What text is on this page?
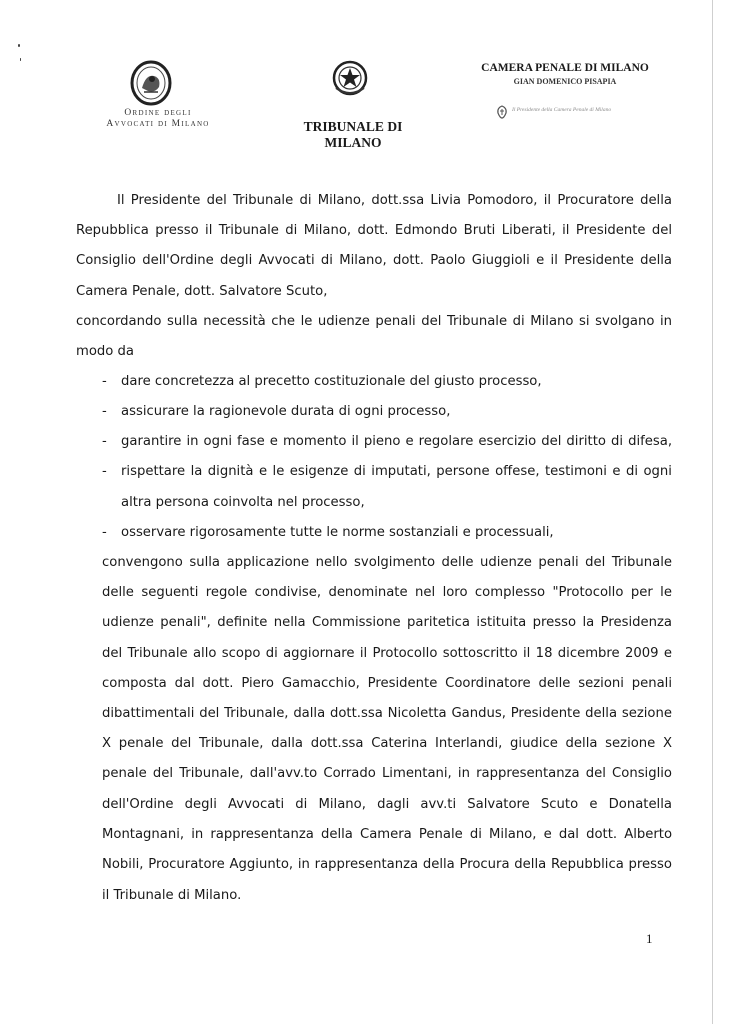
Ordine degli
Avvocati di Milano	TRIBUNALE DI MILANO
CAMERA PENALE DI MILANO
GIAN DOMENICO PISAPIA
Il Presidente della Camera Penale di Milano
Il Presidente del Tribunale di Milano, dott.ssa Livia Pomodoro, il Procuratore della
Repubblica presso il Tribunale di Milano, dott. Edmondo Bruti Liberati, il Presidente del
Consiglio dell'Ordine degli Avvocati di Milano, dott. Paolo Giuggioli e il Presidente della
Camera Penale, dott. Salvatore Scuto,
concordando sulla necessità che le udienze penali del Tribunale di Milano si svolgano in
modo da
- dare concretezza al precetto costituzionale del giusto processo,
- assicurare la ragionevole durata di ogni processo,
- garantire in ogni fase e momento il pieno e regolare esercizio del diritto di difesa,
- rispettare la dignità e le esigenze di imputati, persone offese, testimoni e di ogni
altra persona coinvolta nel processo,
- osservare rigorosamente tutte le norme sostanziali e processuali,
convengono sulla applicazione nello svolgimento delle udienze penali del Tribunale
delle seguenti regole condivise, denominate nel loro complesso "Protocollo per le
udienze penali", definite nella Commissione paritetica istituita presso la Presidenza
del Tribunale allo scopo di aggiornare il Protocollo sottoscritto il 18 dicembre 2009 e
composta dal dott. Piero Gamacchio, Presidente Coordinatore delle sezioni penali
dibattimentali del Tribunale, dalla dott.ssa Nicoletta Gandus, Presidente della sezione
X penale del Tribunale, dalla dott.ssa Caterina Interlandi, giudice della sezione X
penale del Tribunale, dall'avv.to Corrado Limentani, in rappresentanza del Consiglio
dell'Ordine degli Avvocati di Milano, dagli avv.ti Salvatore Scuto e Donatella
Montagnani, in rappresentanza della Camera Penale di Milano, e dal dott. Alberto
Nobili, Procuratore Aggiunto, in rappresentanza della Procura della Repubblica presso
il Tribunale di Milano.
1
